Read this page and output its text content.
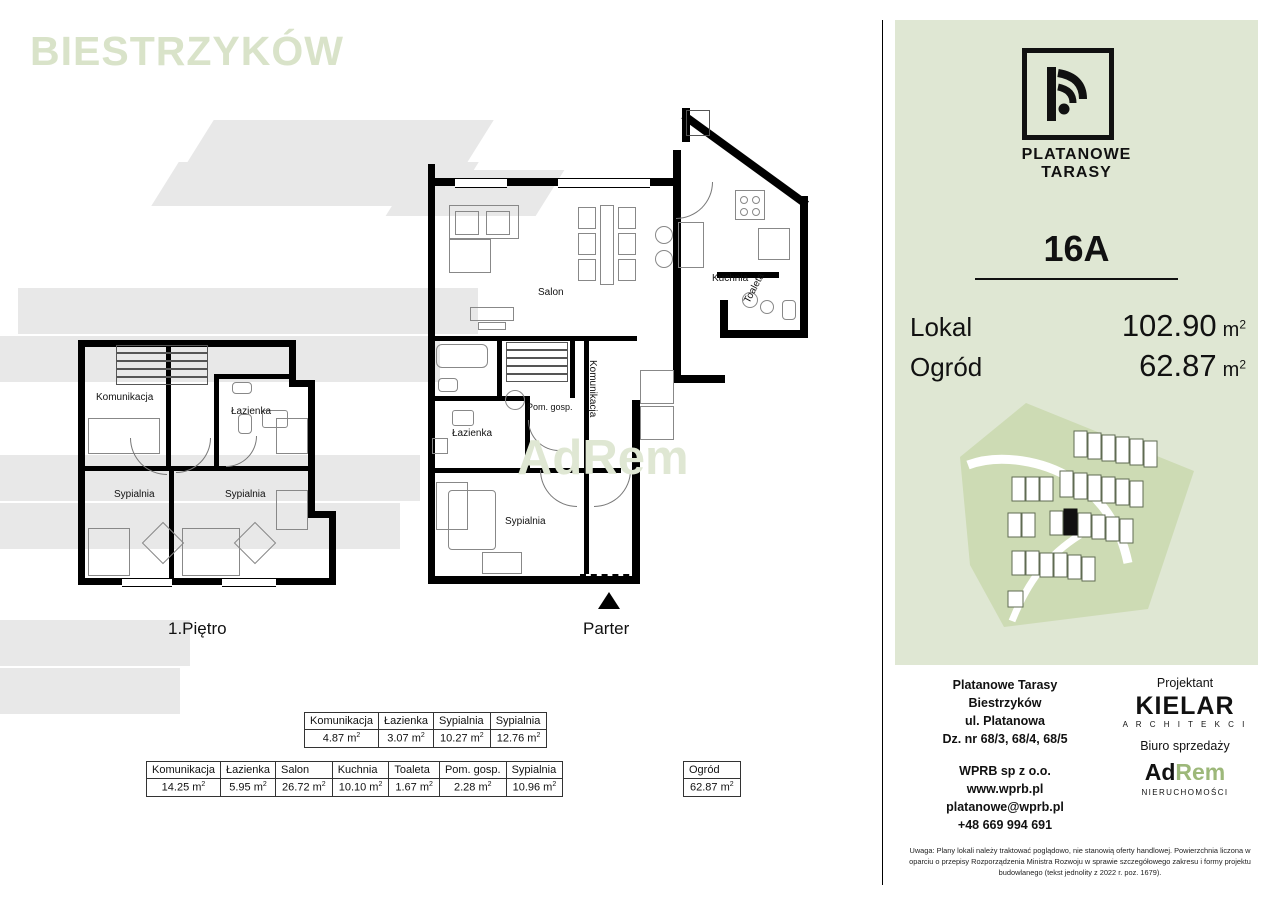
BIESTRZYKÓW
Komunikacja
Łazienka
Sypialnia	Sypialnia
1.Piętro
Salon
Kuchnia
Toaleta
Komunikacja
Łazienka
Pom. gosp.
Sypialnia
Parter
AdRem
Komunikacja	Łazienka	Sypialnia	Sypialnia
4.87 $m^2$	3.07 $m^2$	10.27 $m^2$	12.76 $m^2$
Komunikacja	Łazienka	Salon	Kuchnia	Toaleta	Pom. gosp.	Sypialnia
14.25 $m^2$	5.95 $m^2$	26.72 $m^2$	10.10 $m^2$	1.67 $m^2$	2.28 $m^2$	10.96 $m^2$
Ogród
62.87 $m^2$
PLATANOWE
TARASY
16A
Lokal	102.90 $m^2$
Ogród	62.87 $m^2$
Platanowe Tarasy
Biestrzyków
ul. Platanowa
Dz. nr 68/3, 68/4, 68/5
WPRB sp z o.o.
www.wprb.pl
platanowe@wprb.pl
+48 669 994 691
Projektant
KIELAR
A R C H I T E K C I
Biuro sprzedaży
AdRem
NIERUCHOMOŚCI
Uwaga: Plany lokali należy traktować poglądowo, nie stanowią oferty handlowej. Powierzchnia liczona w oparciu o przepisy Rozporządzenia Ministra Rozwoju w sprawie szczegółowego zakresu i formy projektu budowlanego (tekst jednolity z 2022 r. poz. 1679).
